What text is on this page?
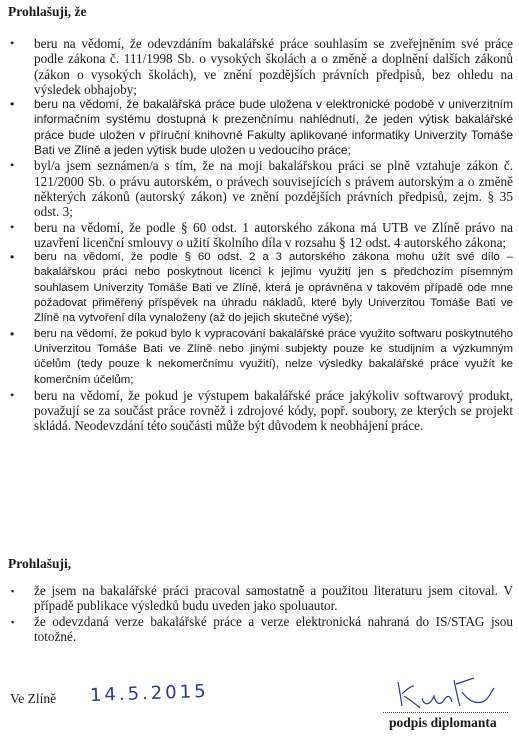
Prohlašuji, že
•	beru na vědomí, že odevzdáním bakalářské práce souhlasím se zveřejněním své práce podle zákona č. 111/1998 Sb. o vysokých školách a o změně a doplnění dalších zákonů (zákon o vysokých školách), ve znění pozdějších právních předpisů, bez ohledu na výsledek obhajoby;
•	beru na vědomí, že bakalářská práce bude uložena v elektronické podobě v univerzitním informačním systému dostupná k prezenčnímu nahlédnutí, že jeden výtisk bakalářské práce bude uložen v příruční knihovně Fakulty aplikované informatiky Univerzity Tomáše Bati ve Zlíně a jeden výtisk bude uložen u vedoucího práce;
•	byl/a jsem seznámen/a s tím, že na moji bakalářskou práci se plně vztahuje zákon č. 121/2000 Sb. o právu autorském, o právech souvisejících s právem autorským a o změně některých zákonů (autorský zákon) ve znění pozdějších právních předpisů, zejm. § 35 odst. 3;
•	beru na vědomí, že podle § 60 odst. 1 autorského zákona má UTB ve Zlíně právo na uzavření licenční smlouvy o užití školního díla v rozsahu § 12 odst. 4 autorského zákona;
•	beru na vědomí, že podle § 60 odst. 2 a 3 autorského zákona mohu užít své dílo – bakalářskou práci nebo poskytnout licenci k jejímu využití jen s předchozím písemným souhlasem Univerzity Tomáše Bati ve Zlíně, která je oprávněna v takovém případě ode mne požadovat přiměřený příspěvek na úhradu nákladů, které byly Univerzitou Tomáše Bati ve Zlíně na vytvoření díla vynaloženy (až do jejich skutečné výše);
•	beru na vědomí, že pokud bylo k vypracování bakalářské práce využito softwaru poskytnutého Univerzitou Tomáše Bati ve Zlíně nebo jinými subjekty pouze ke studijním a výzkumným účelům (tedy pouze k nekomerčnímu využití), nelze výsledky bakalářské práce využít ke komerčním účelům;
•	beru na vědomí, že pokud je výstupem bakalářské práce jakýkoliv softwarový produkt, považují se za součást práce rovněž i zdrojové kódy, popř. soubory, ze kterých se projekt skládá. Neodevzdání této součásti může být důvodem k neobhájení práce.
Prohlašuji,
▪	že jsem na bakalářské práci pracoval samostatně a použitou literaturu jsem citoval. V případě publikace výsledků budu uveden jako spoluautor.
▪	že odevzdaná verze bakalářské práce a verze elektronická nahraná do IS/STAG jsou totožné.
Ve Zlíně 14.5.2015
podpis diplomanta
